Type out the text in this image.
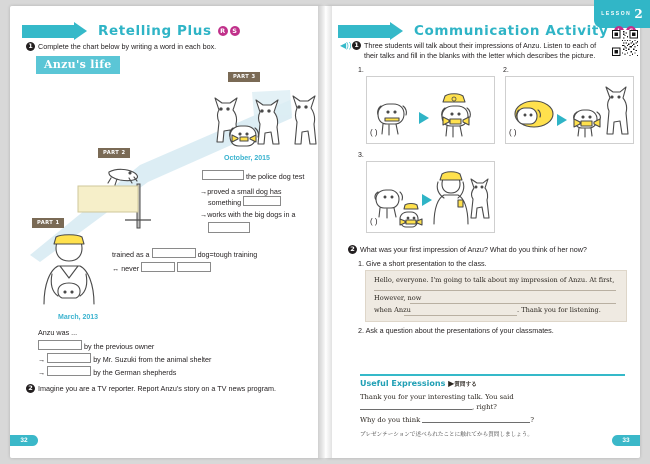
LESSON 2
Retelling Plus	R	S
1 Complete the chart below by writing a word in each box.
Anzu's life
PART 3
October, 2015
the police dog test
→proved a small dog has
something
→works with the big dogs in a
PART 2
PART 1
trained as a	dog=tough training
↔ never
March, 2013
Anzu was ...
by the previous owner
→	by Mr. Suzuki from the animal shelter
→	by the German shepherds
2 Imagine you are a TV reporter. Report Anzu's story on a TV news program.
32
Communication Activity
◀)) 1 Three students will talk about their impressions of Anzu. Listen to each of
their talks and fill in the blanks with the letter which describes the picture.
1.
( )
2.
( )
3.
( )
2 What was your first impression of Anzu? What do you think of her now?
1. Give a short presentation to the class.
Hello, everyone. I'm going to talk about my impression of Anzu. At first,
However, now
when Anzu	. Thank you for listening.
2. Ask a question about the presentations of your classmates.
Useful Expressions ▶質問する
Thank you for your interesting talk. You said , right?
Why do you think	?
プレゼンテーションで述べられたことに触れてから質問しましょう。
33
